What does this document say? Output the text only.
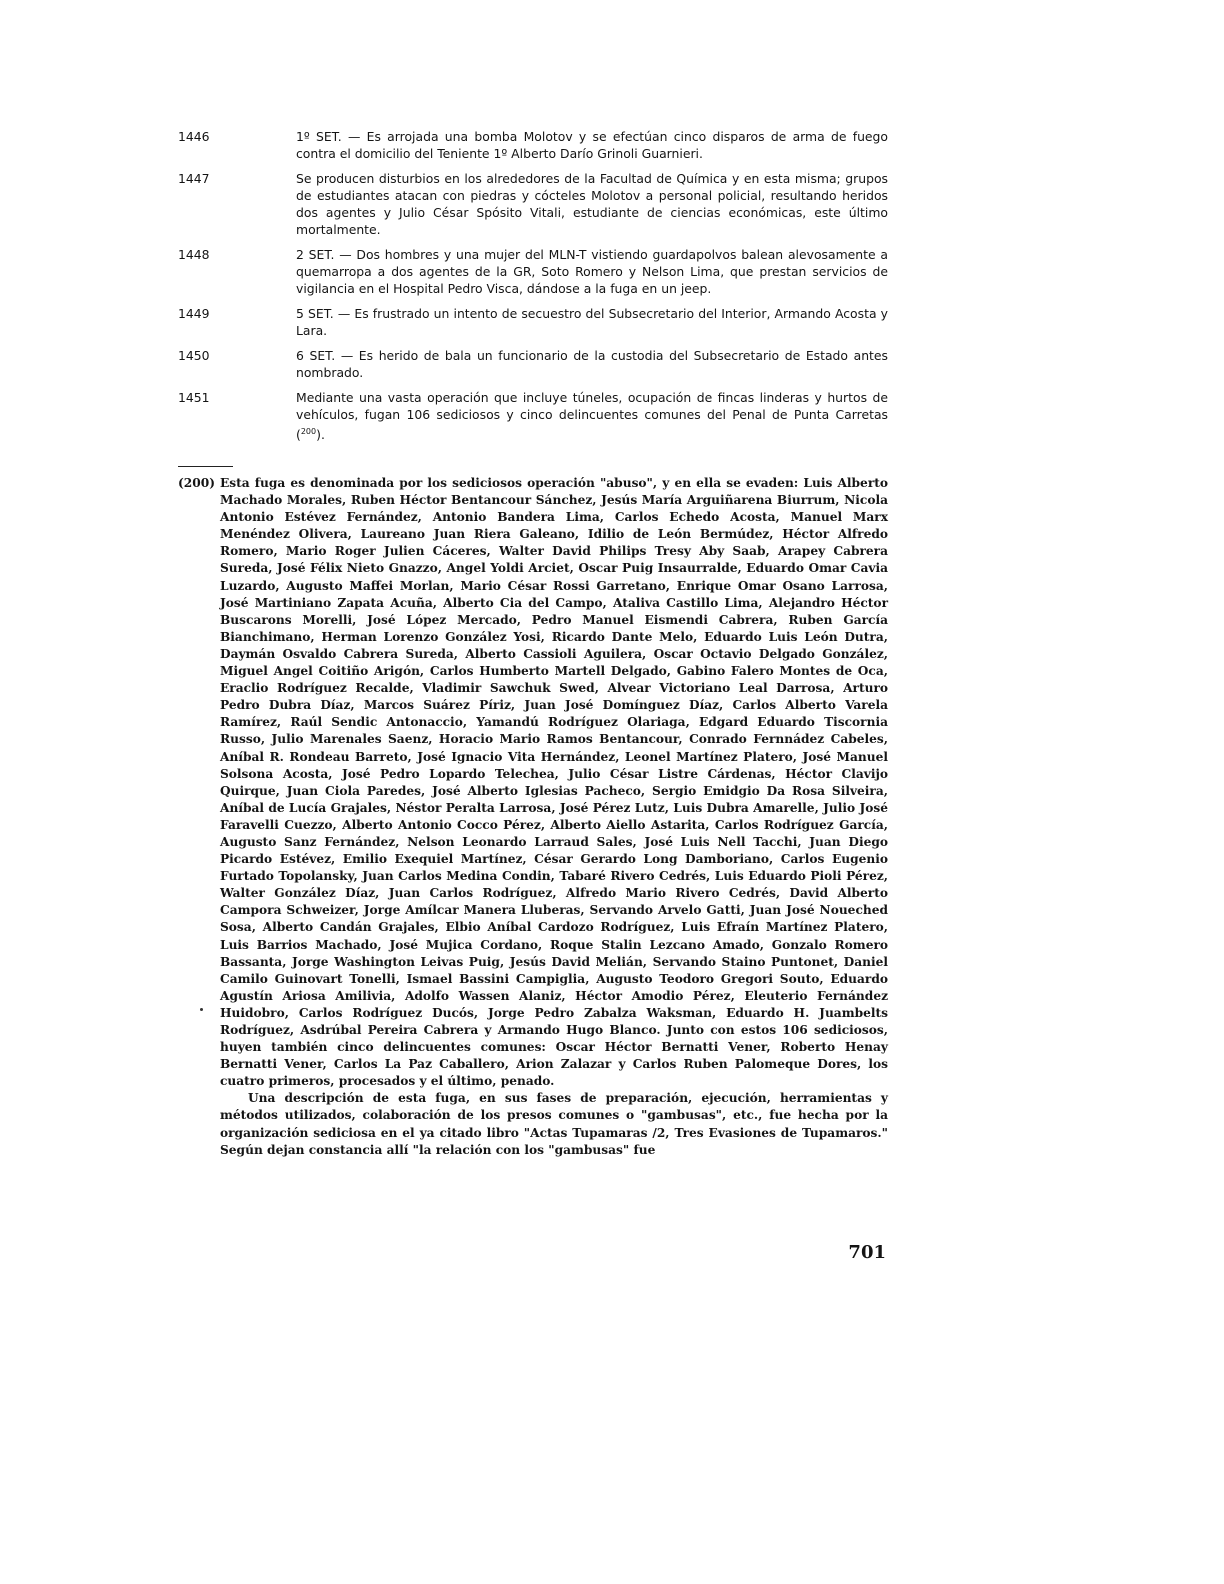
1446	1º SET. — Es arrojada una bomba Molotov y se efectúan cinco disparos de arma de fuego contra el domicilio del Teniente 1º Alberto Darío Grinoli Guarnieri.
1447	Se producen disturbios en los alrededores de la Facultad de Química y en esta misma; grupos de estudiantes atacan con piedras y cócteles Molotov a personal policial, resultando heridos dos agentes y Julio César Spósito Vitali, estudiante de ciencias económicas, este último mortalmente.
1448	2 SET. — Dos hombres y una mujer del MLN-T vistiendo guardapolvos balean alevosamente a quemarropa a dos agentes de la GR, Soto Romero y Nelson Lima, que prestan servicios de vigilancia en el Hospital Pedro Visca, dándose a la fuga en un jeep.
1449	5 SET. — Es frustrado un intento de secuestro del Subsecretario del Interior, Armando Acosta y Lara.
1450	6 SET. — Es herido de bala un funcionario de la custodia del Subsecretario de Estado antes nombrado.
1451	Mediante una vasta operación que incluye túneles, ocupación de fincas linderas y hurtos de vehículos, fugan 106 sediciosos y cinco delincuentes comunes del Penal de Punta Carretas ($^{200}$).
(200) Esta fuga es denominada por los sediciosos operación "abuso", y en ella se evaden: Luis Alberto Machado Morales, Ruben Héctor Bentancour Sánchez, Jesús María Arguiñarena Biurrum, Nicola Antonio Estévez Fernández, Antonio Bandera Lima, Carlos Echedo Acosta, Manuel Marx Menéndez Olivera, Laureano Juan Riera Galeano, Idilio de León Bermúdez, Héctor Alfredo Romero, Mario Roger Julien Cáceres, Walter David Philips Tresy Aby Saab, Arapey Cabrera Sureda, José Félix Nieto Gnazzo, Angel Yoldi Arciet, Oscar Puig Insaurralde, Eduardo Omar Cavia Luzardo, Augusto Maffei Morlan, Mario César Rossi Garretano, Enrique Omar Osano Larrosa, José Martiniano Zapata Acuña, Alberto Cia del Campo, Ataliva Castillo Lima, Alejandro Héctor Buscarons Morelli, José López Mercado, Pedro Manuel Eismendi Cabrera, Ruben García Bianchimano, Herman Lorenzo González Yosi, Ricardo Dante Melo, Eduardo Luis León Dutra, Daymán Osvaldo Cabrera Sureda, Alberto Cassioli Aguilera, Oscar Octavio Delgado González, Miguel Angel Coitiño Arigón, Carlos Humberto Martell Delgado, Gabino Falero Montes de Oca, Eraclio Rodríguez Recalde, Vladimir Sawchuk Swed, Alvear Victoriano Leal Darrosa, Arturo Pedro Dubra Díaz, Marcos Suárez Píriz, Juan José Domínguez Díaz, Carlos Alberto Varela Ramírez, Raúl Sendic Antonaccio, Yamandú Rodríguez Olariaga, Edgard Eduardo Tiscornia Russo, Julio Marenales Saenz, Horacio Mario Ramos Bentancour, Conrado Fernnádez Cabeles, Aníbal R. Rondeau Barreto, José Ignacio Vita Hernández, Leonel Martínez Platero, José Manuel Solsona Acosta, José Pedro Lopardo Telechea, Julio César Listre Cárdenas, Héctor Clavijo Quirque, Juan Ciola Paredes, José Alberto Iglesias Pacheco, Sergio Emidgio Da Rosa Silveira, Aníbal de Lucía Grajales, Néstor Peralta Larrosa, José Pérez Lutz, Luis Dubra Amarelle, Julio José Faravelli Cuezzo, Alberto Antonio Cocco Pérez, Alberto Aiello Astarita, Carlos Rodríguez García, Augusto Sanz Fernández, Nelson Leonardo Larraud Sales, José Luis Nell Tacchi, Juan Diego Picardo Estévez, Emilio Exequiel Martínez, César Gerardo Long Damboriano, Carlos Eugenio Furtado Topolansky, Juan Carlos Medina Condin, Tabaré Rivero Cedrés, Luis Eduardo Pioli Pérez, Walter González Díaz, Juan Carlos Rodríguez, Alfredo Mario Rivero Cedrés, David Alberto Campora Schweizer, Jorge Amílcar Manera Lluberas, Servando Arvelo Gatti, Juan José Noueched Sosa, Alberto Candán Grajales, Elbio Aníbal Cardozo Rodríguez, Luis Efraín Martínez Platero, Luis Barrios Machado, José Mujica Cordano, Roque Stalin Lezcano Amado, Gonzalo Romero Bassanta, Jorge Washington Leivas Puig, Jesús David Melián, Servando Staino Puntonet, Daniel Camilo Guinovart Tonelli, Ismael Bassini Campiglia, Augusto Teodoro Gregori Souto, Eduardo Agustín Ariosa Amilivia, Adolfo Wassen Alaniz, Héctor Amodio Pérez, Eleuterio Fernández Huidobro, Carlos Rodríguez Ducós, Jorge Pedro Zabalza Waksman, Eduardo H. Juambelts Rodríguez, Asdrúbal Pereira Cabrera y Armando Hugo Blanco. Junto con estos 106 sediciosos, huyen también cinco delincuentes comunes: Oscar Héctor Bernatti Vener, Roberto Henay Bernatti Vener, Carlos La Paz Caballero, Arion Zalazar y Carlos Ruben Palomeque Dores, los cuatro primeros, procesados y el último, penado.
Una descripción de esta fuga, en sus fases de preparación, ejecución, herramientas y métodos utilizados, colaboración de los presos comunes o "gambusas", etc., fue hecha por la organización sediciosa en el ya citado libro "Actas Tupamaras /2, Tres Evasiones de Tupamaros." Según dejan constancia allí "la relación con los "gambusas" fue
701
